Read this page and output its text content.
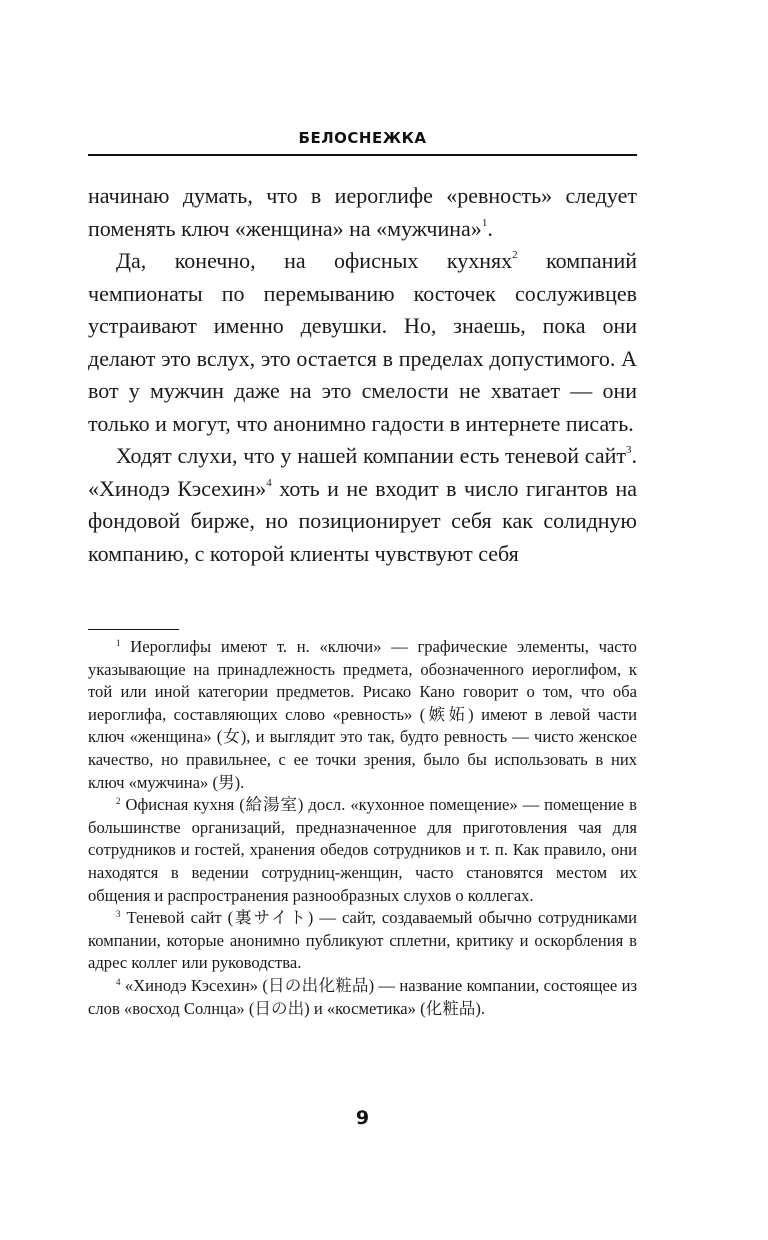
БЕЛОСНЕЖКА

начинаю думать, что в иероглифе «ревность» следует поменять ключ «женщина» на «мужчина»$^1$.

Да, конечно, на офисных кухнях$^2$ компаний чемпионаты по перемыванию косточек сослуживцев устраивают именно девушки. Но, знаешь, пока они делают это вслух, это остается в пределах допустимого. А вот у мужчин даже на это смелости не хватает — они только и могут, что анонимно гадости в интернете писать.

Ходят слухи, что у нашей компании есть теневой сайт$^3$. «Хинодэ Кэсехин»$^4$ хоть и не входит в число гигантов на фондовой бирже, но позиционирует себя как солидную компанию, с которой клиенты чувствуют себя

$^1$ Иероглифы имеют т. н. «ключи» — графические элементы, часто указывающие на принадлежность предмета, обозначенного иероглифом, к той или иной категории предметов. Рисако Кано говорит о том, что оба иероглифа, составляющих слово «ревность» (嫉妬) имеют в левой части ключ «женщина» (女), и выглядит это так, будто ревность — чисто женское качество, но правильнее, с ее точки зрения, было бы использовать в них ключ «мужчина» (男).

$^2$ Офисная кухня (給湯室) досл. «кухонное помещение» — помещение в большинстве организаций, предназначенное для приготовления чая для сотрудников и гостей, хранения обедов сотрудников и т. п. Как правило, они находятся в ведении сотрудниц-женщин, часто становятся местом их общения и распространения разнообразных слухов о коллегах.

$^3$ Теневой сайт (裏サイト) — сайт, создаваемый обычно сотрудниками компании, которые анонимно публикуют сплетни, критику и оскорбления в адрес коллег или руководства.

$^4$ «Хинодэ Кэсехин» (日の出化粧品) — название компании, состоящее из слов «восход Солнца» (日の出) и «косметика» (化粧品).

9
